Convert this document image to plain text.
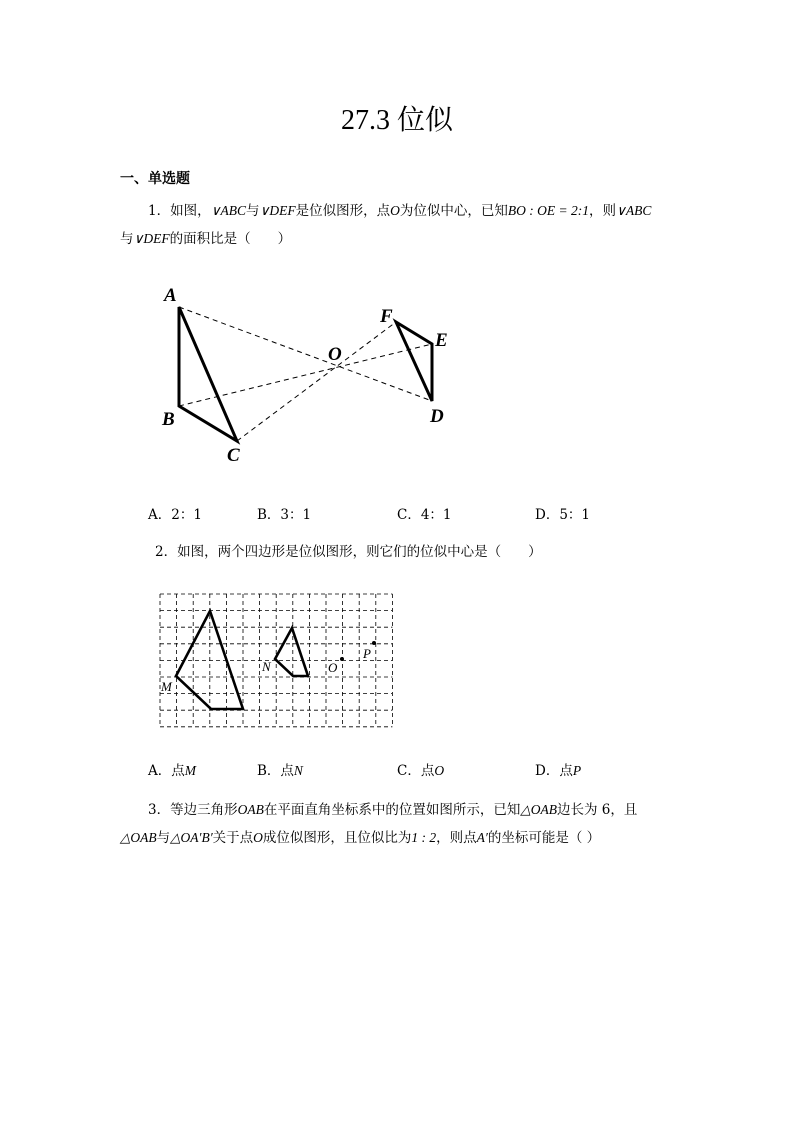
27.3 位似
一、单选题
1．如图，∨ABC与∨DEF是位似图形，点O为位似中心，已知BO : OE = 2:1，则∨ABC
与∨DEF的面积比是（　　）
A
B
C
O
F
E
D
A．2：1	B．3：1	C．4：1	D．5：1
2．如图，两个四边形是位似图形，则它们的位似中心是（　　）
M
N	O
P
A．点M	B．点N	C．点O	D．点P
3．等边三角形OAB在平面直角坐标系中的位置如图所示，已知△OAB边长为 6，且
△OAB与△OA′B′关于点O成位似图形，且位似比为1 : 2，则点A′的坐标可能是（ ）
